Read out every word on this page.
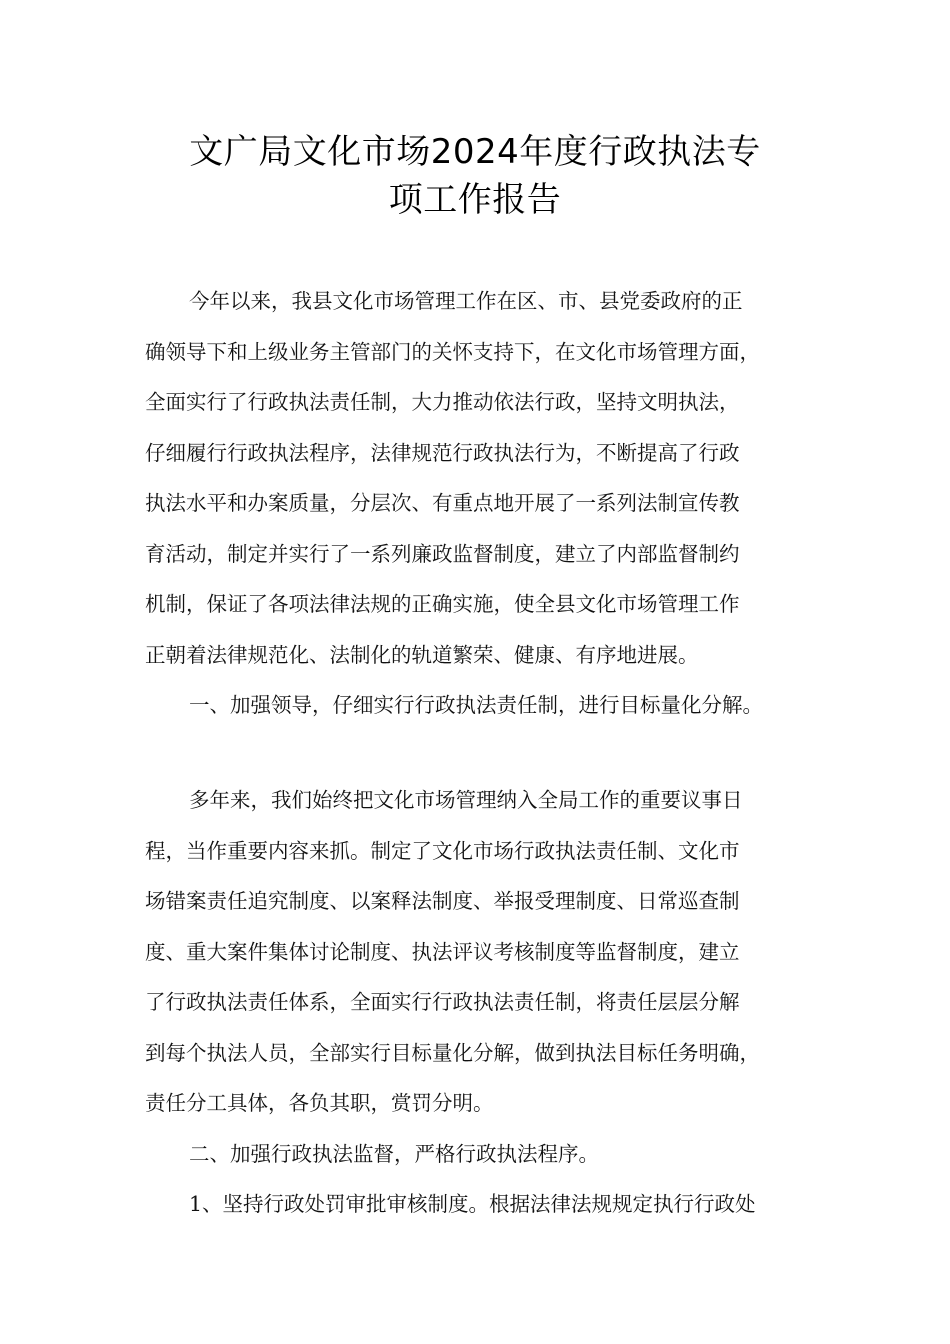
文广局文化市场2024年度行政执法专
项工作报告
今年以来，我县文化市场管理工作在区、市、县党委政府的正
确领导下和上级业务主管部门的关怀支持下，在文化市场管理方面，
全面实行了行政执法责任制，大力推动依法行政，坚持文明执法，
仔细履行行政执法程序，法律规范行政执法行为，不断提高了行政
执法水平和办案质量，分层次、有重点地开展了一系列法制宣传教
育活动，制定并实行了一系列廉政监督制度，建立了内部监督制约
机制，保证了各项法律法规的正确实施，使全县文化市场管理工作
正朝着法律规范化、法制化的轨道繁荣、健康、有序地进展。
一、加强领导，仔细实行行政执法责任制，进行目标量化分解。
多年来，我们始终把文化市场管理纳入全局工作的重要议事日
程，当作重要内容来抓。制定了文化市场行政执法责任制、文化市
场错案责任追究制度、以案释法制度、举报受理制度、日常巡查制
度、重大案件集体讨论制度、执法评议考核制度等监督制度，建立
了行政执法责任体系，全面实行行政执法责任制，将责任层层分解
到每个执法人员，全部实行目标量化分解，做到执法目标任务明确，
责任分工具体，各负其职，赏罚分明。
二、加强行政执法监督，严格行政执法程序。
1、坚持行政处罚审批审核制度。根据法律法规规定执行行政处
